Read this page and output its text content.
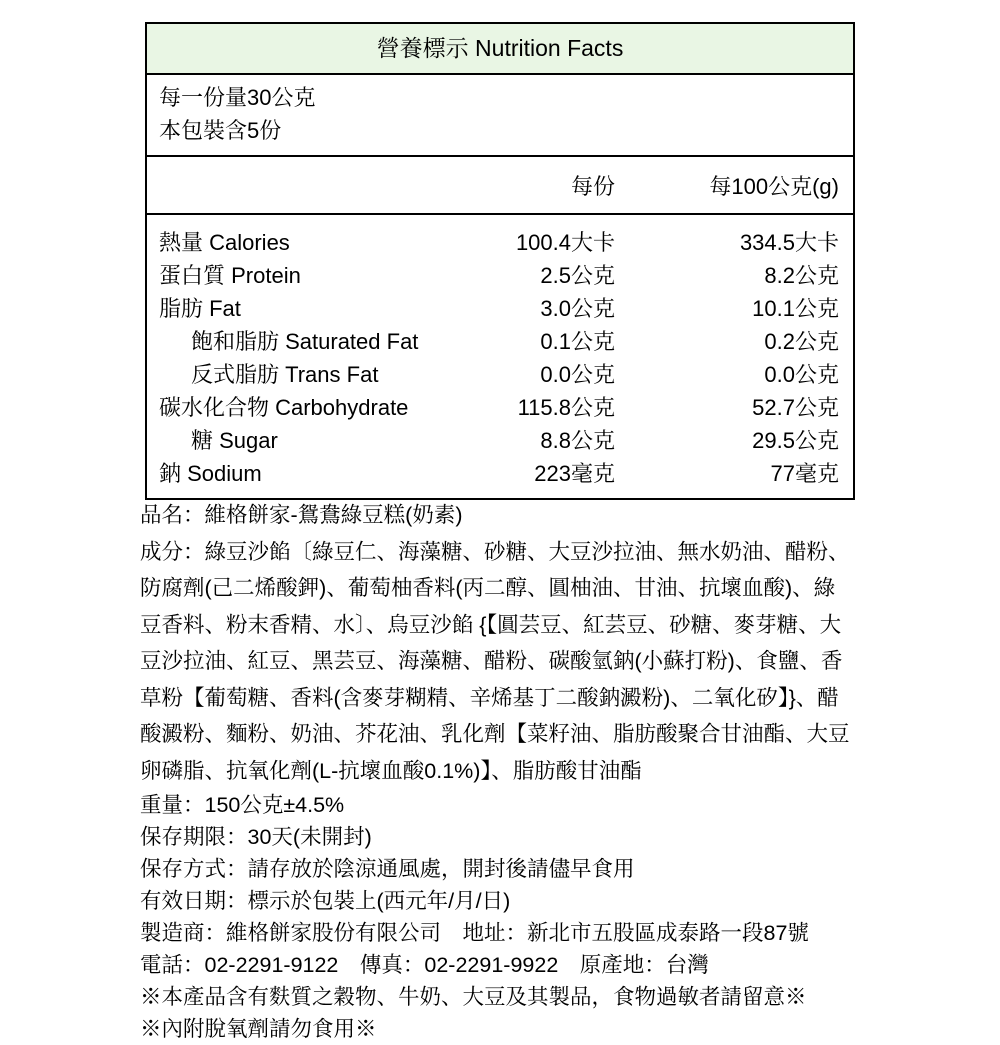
營養標示 Nutrition Facts
每一份量30公克
本包裝含5份
每份	每100公克(g)
熱量 Calories	100.4大卡	334.5大卡
蛋白質 Protein	2.5公克	8.2公克
脂肪 Fat	3.0公克	10.1公克
飽和脂肪 Saturated Fat	0.1公克	0.2公克
反式脂肪 Trans Fat	0.0公克	0.0公克
碳水化合物 Carbohydrate	115.8公克	52.7公克
糖 Sugar	8.8公克	29.5公克
鈉 Sodium	223毫克	77毫克
品名：維格餅家-鴛鴦綠豆糕(奶素)
成分：綠豆沙餡〔綠豆仁、海藻糖、砂糖、大豆沙拉油、無水奶油、醋粉、
防腐劑(己二烯酸鉀)、葡萄柚香料(丙二醇、圓柚油、甘油、抗壞血酸)、綠
豆香料、粉末香精、水〕、烏豆沙餡 {【圓芸豆、紅芸豆、砂糖、麥芽糖、大
豆沙拉油、紅豆、黑芸豆、海藻糖、醋粉、碳酸氫鈉(小蘇打粉)、食鹽、香
草粉【葡萄糖、香料(含麥芽糊精、辛烯基丁二酸鈉澱粉)、二氧化矽】}、醋
酸澱粉、麵粉、奶油、芥花油、乳化劑【菜籽油、脂肪酸聚合甘油酯、大豆
卵磷脂、抗氧化劑(L-抗壞血酸0.1%)】、脂肪酸甘油酯
重量：150公克±4.5%
保存期限：30天(未開封)
保存方式：請存放於陰涼通風處，開封後請儘早食用
有效日期：標示於包裝上(西元年/月/日)
製造商：維格餅家股份有限公司　地址：新北市五股區成泰路一段87號
電話：02-2291-9122　傳真：02-2291-9922　原產地：台灣
※本產品含有麩質之穀物、牛奶、大豆及其製品，食物過敏者請留意※
※內附脫氧劑請勿食用※
